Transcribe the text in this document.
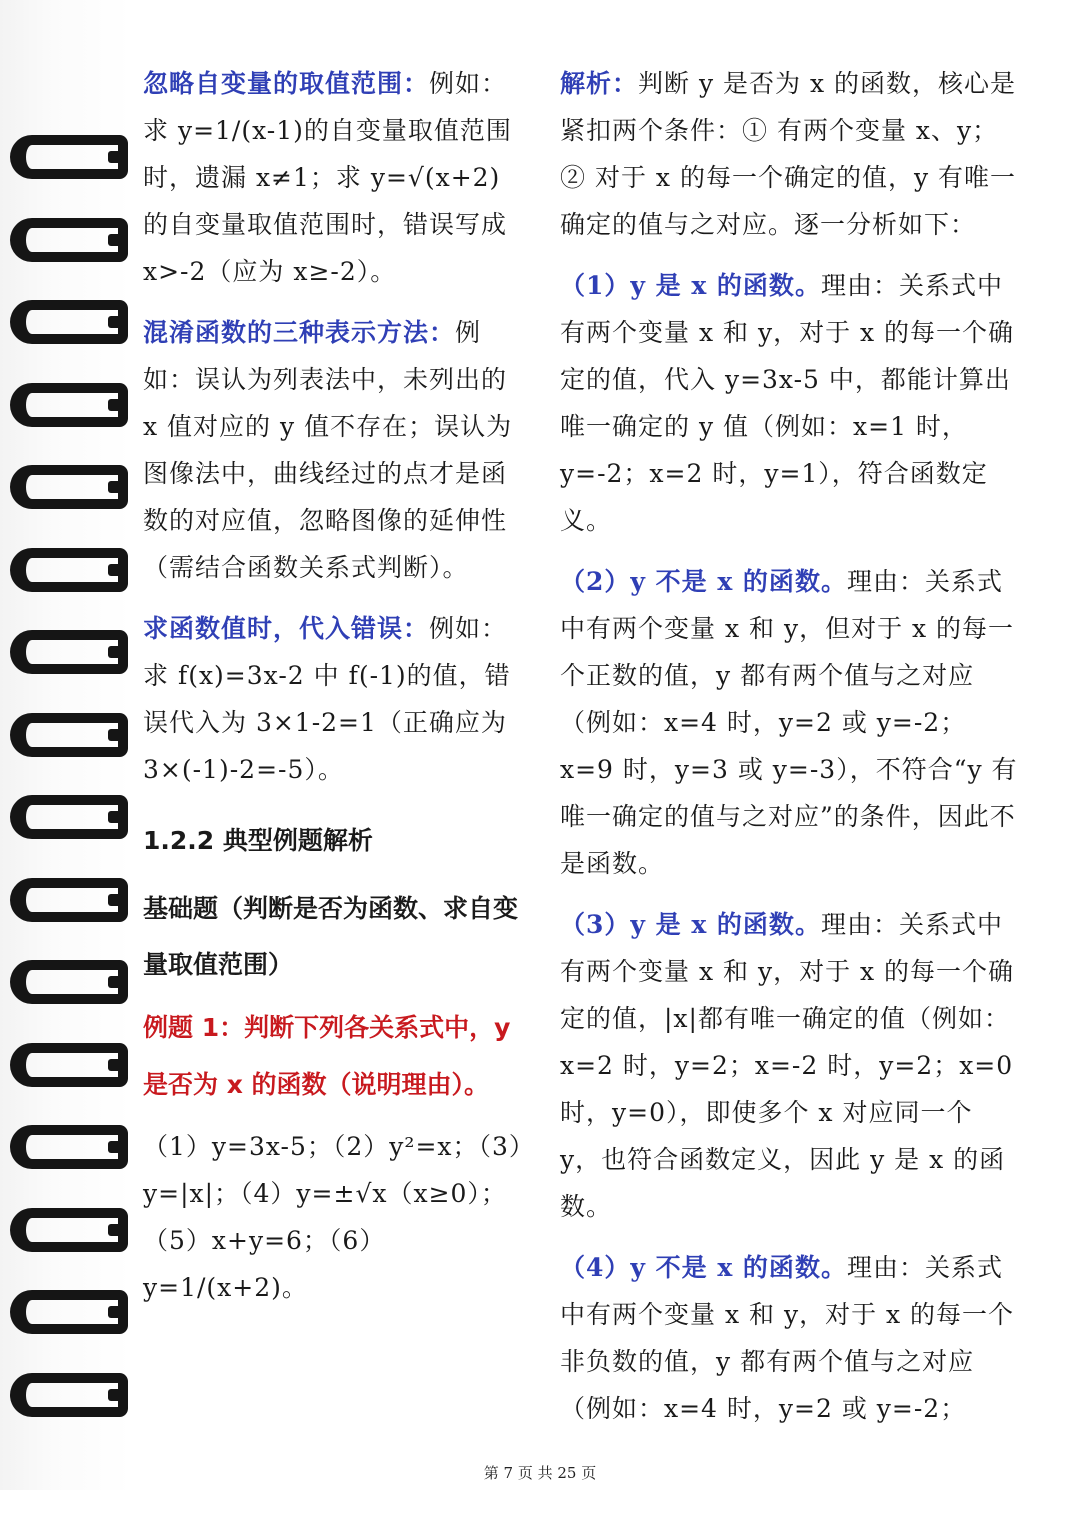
忽略自变量的取值范围：例如：求 y=1/(x-1)的自变量取值范围时，遗漏 x≠1；求 y=√(x+2)的自变量取值范围时，错误写成 x>-2（应为 x≥-2）。

混淆函数的三种表示方法：例如：误认为列表法中，未列出的 x 值对应的 y 值不存在；误认为图像法中，曲线经过的点才是函数的对应值，忽略图像的延伸性（需结合函数关系式判断）。

求函数值时，代入错误：例如：求 f(x)=3x-2 中 f(-1)的值，错误代入为 3×1-2=1（正确应为 3×(-1)-2=-5）。

1.2.2 典型例题解析
基础题（判断是否为函数、求自变量取值范围）
例题 1：判断下列各关系式中，y 是否为 x 的函数（说明理由）。

（1）y=3x-5；（2）y²=x；（3）y=|x|；（4）y=±√x（x≥0）；（5）x+y=6；（6）y=1/(x+2)。

解析：判断 y 是否为 x 的函数，核心是紧扣两个条件：① 有两个变量 x、y；② 对于 x 的每一个确定的值，y 有唯一确定的值与之对应。逐一分析如下：

（1）y 是 x 的函数。理由：关系式中有两个变量 x 和 y，对于 x 的每一个确定的值，代入 y=3x-5 中，都能计算出唯一确定的 y 值（例如：x=1 时，y=-2；x=2 时，y=1），符合函数定义。

（2）y 不是 x 的函数。理由：关系式中有两个变量 x 和 y，但对于 x 的每一个正数的值，y 都有两个值与之对应（例如：x=4 时，y=2 或 y=-2；x=9 时，y=3 或 y=-3），不符合“y 有唯一确定的值与之对应”的条件，因此不是函数。

（3）y 是 x 的函数。理由：关系式中有两个变量 x 和 y，对于 x 的每一个确定的值，|x|都有唯一确定的值（例如：x=2 时，y=2；x=-2 时，y=2；x=0 时，y=0），即使多个 x 对应同一个 y，也符合函数定义，因此 y 是 x 的函数。

（4）y 不是 x 的函数。理由：关系式中有两个变量 x 和 y，对于 x 的每一个非负数的值，y 都有两个值与之对应（例如：x=4 时，y=2 或 y=-2；

第 7 页 共 25 页
